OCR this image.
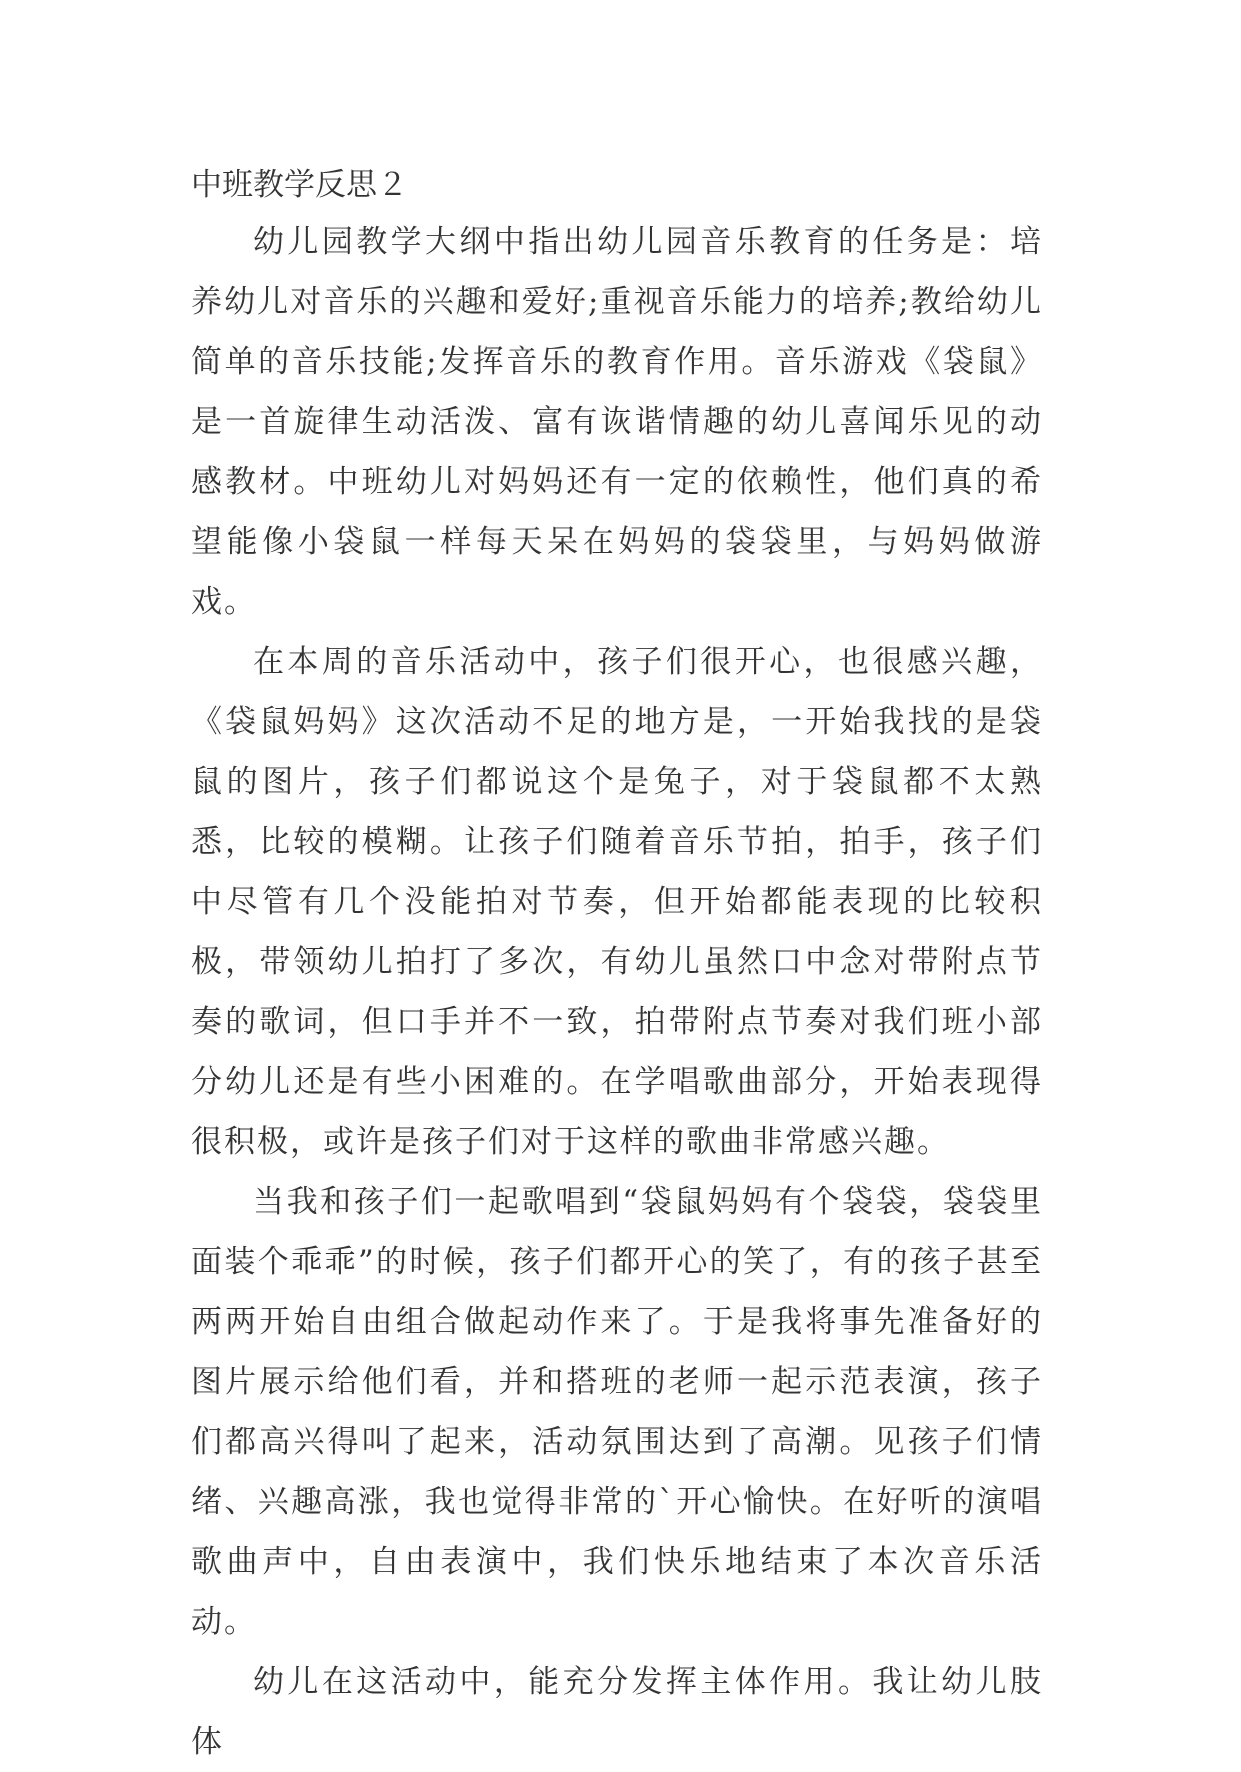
中班教学反思２

幼儿园教学大纲中指出幼儿园音乐教育的任务是：培养幼儿对音乐的兴趣和爱好;重视音乐能力的培养;教给幼儿简单的音乐技能;发挥音乐的教育作用。音乐游戏《袋鼠》是一首旋律生动活泼、富有诙谐情趣的幼儿喜闻乐见的动感教材。中班幼儿对妈妈还有一定的依赖性，他们真的希望能像小袋鼠一样每天呆在妈妈的袋袋里，与妈妈做游戏。

在本周的音乐活动中，孩子们很开心，也很感兴趣，《袋鼠妈妈》这次活动不足的地方是，一开始我找的是袋鼠的图片，孩子们都说这个是兔子，对于袋鼠都不太熟悉，比较的模糊。让孩子们随着音乐节拍，拍手，孩子们中尽管有几个没能拍对节奏，但开始都能表现的比较积极，带领幼儿拍打了多次，有幼儿虽然口中念对带附点节奏的歌词，但口手并不一致，拍带附点节奏对我们班小部分幼儿还是有些小困难的。在学唱歌曲部分，开始表现得很积极，或许是孩子们对于这样的歌曲非常感兴趣。

当我和孩子们一起歌唱到“袋鼠妈妈有个袋袋，袋袋里面装个乖乖”的时候，孩子们都开心的笑了，有的孩子甚至两两开始自由组合做起动作来了。于是我将事先准备好的图片展示给他们看，并和搭班的老师一起示范表演，孩子们都高兴得叫了起来，活动氛围达到了高潮。见孩子们情绪、兴趣高涨，我也觉得非常的`开心愉快。在好听的演唱歌曲声中，自由表演中，我们快乐地结束了本次音乐活动。

幼儿在这活动中，能充分发挥主体作用。我让幼儿肢体
